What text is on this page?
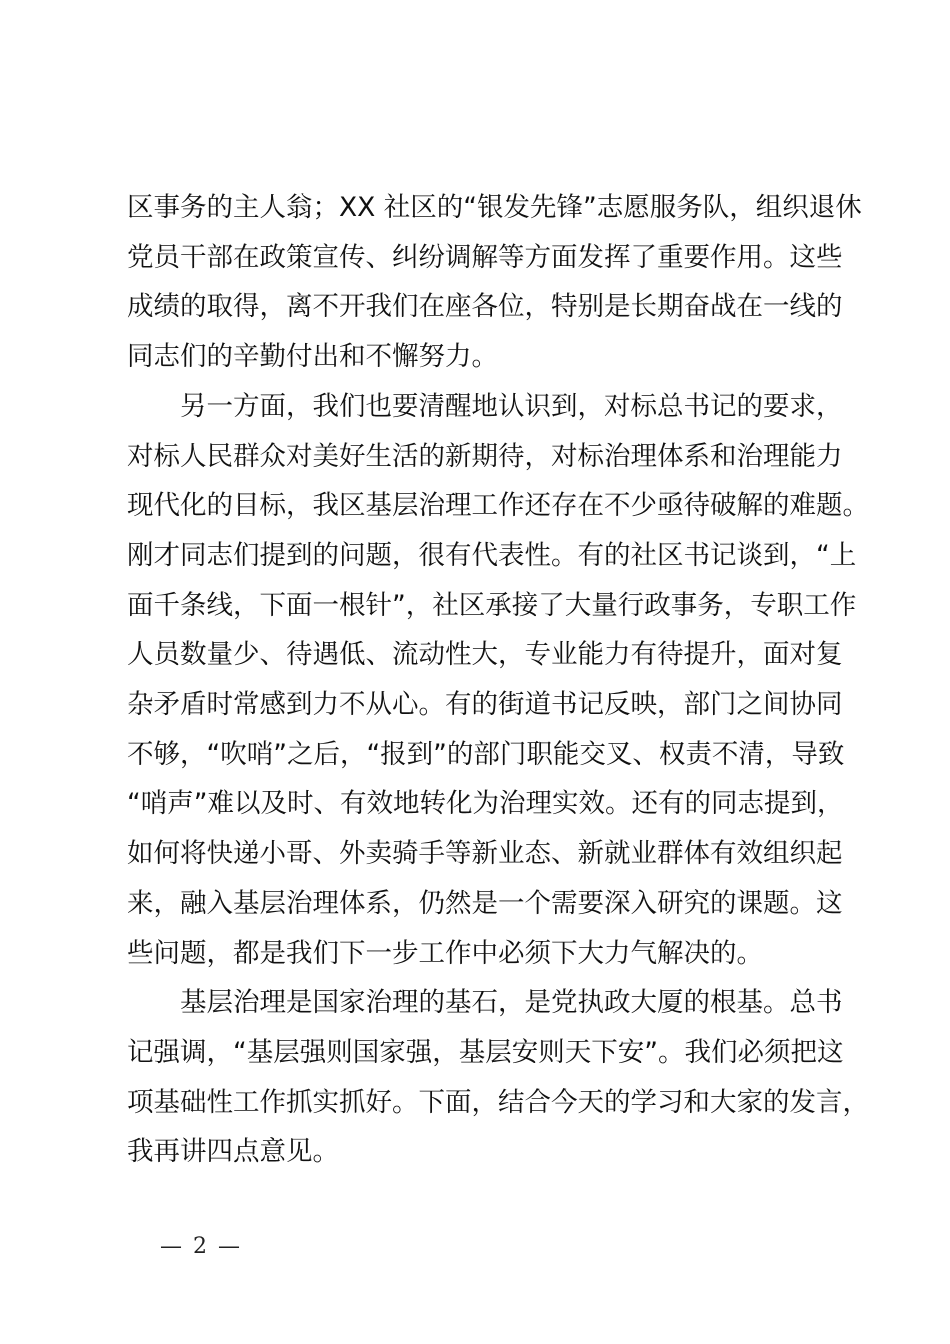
区事务的主人翁；XX 社区的“银发先锋”志愿服务队，组织退休
党员干部在政策宣传、纠纷调解等方面发挥了重要作用。这些
成绩的取得，离不开我们在座各位，特别是长期奋战在一线的
同志们的辛勤付出和不懈努力。

另一方面，我们也要清醒地认识到，对标总书记的要求，
对标人民群众对美好生活的新期待，对标治理体系和治理能力
现代化的目标，我区基层治理工作还存在不少亟待破解的难题。
刚才同志们提到的问题，很有代表性。有的社区书记谈到，“上
面千条线，下面一根针”，社区承接了大量行政事务，专职工作
人员数量少、待遇低、流动性大，专业能力有待提升，面对复
杂矛盾时常感到力不从心。有的街道书记反映，部门之间协同
不够，“吹哨”之后，“报到”的部门职能交叉、权责不清，导致
“哨声”难以及时、有效地转化为治理实效。还有的同志提到，
如何将快递小哥、外卖骑手等新业态、新就业群体有效组织起
来，融入基层治理体系，仍然是一个需要深入研究的课题。这
些问题，都是我们下一步工作中必须下大力气解决的。

基层治理是国家治理的基石，是党执政大厦的根基。总书
记强调，“基层强则国家强，基层安则天下安”。我们必须把这
项基础性工作抓实抓好。下面，结合今天的学习和大家的发言，
我再讲四点意见。

— 2 —
